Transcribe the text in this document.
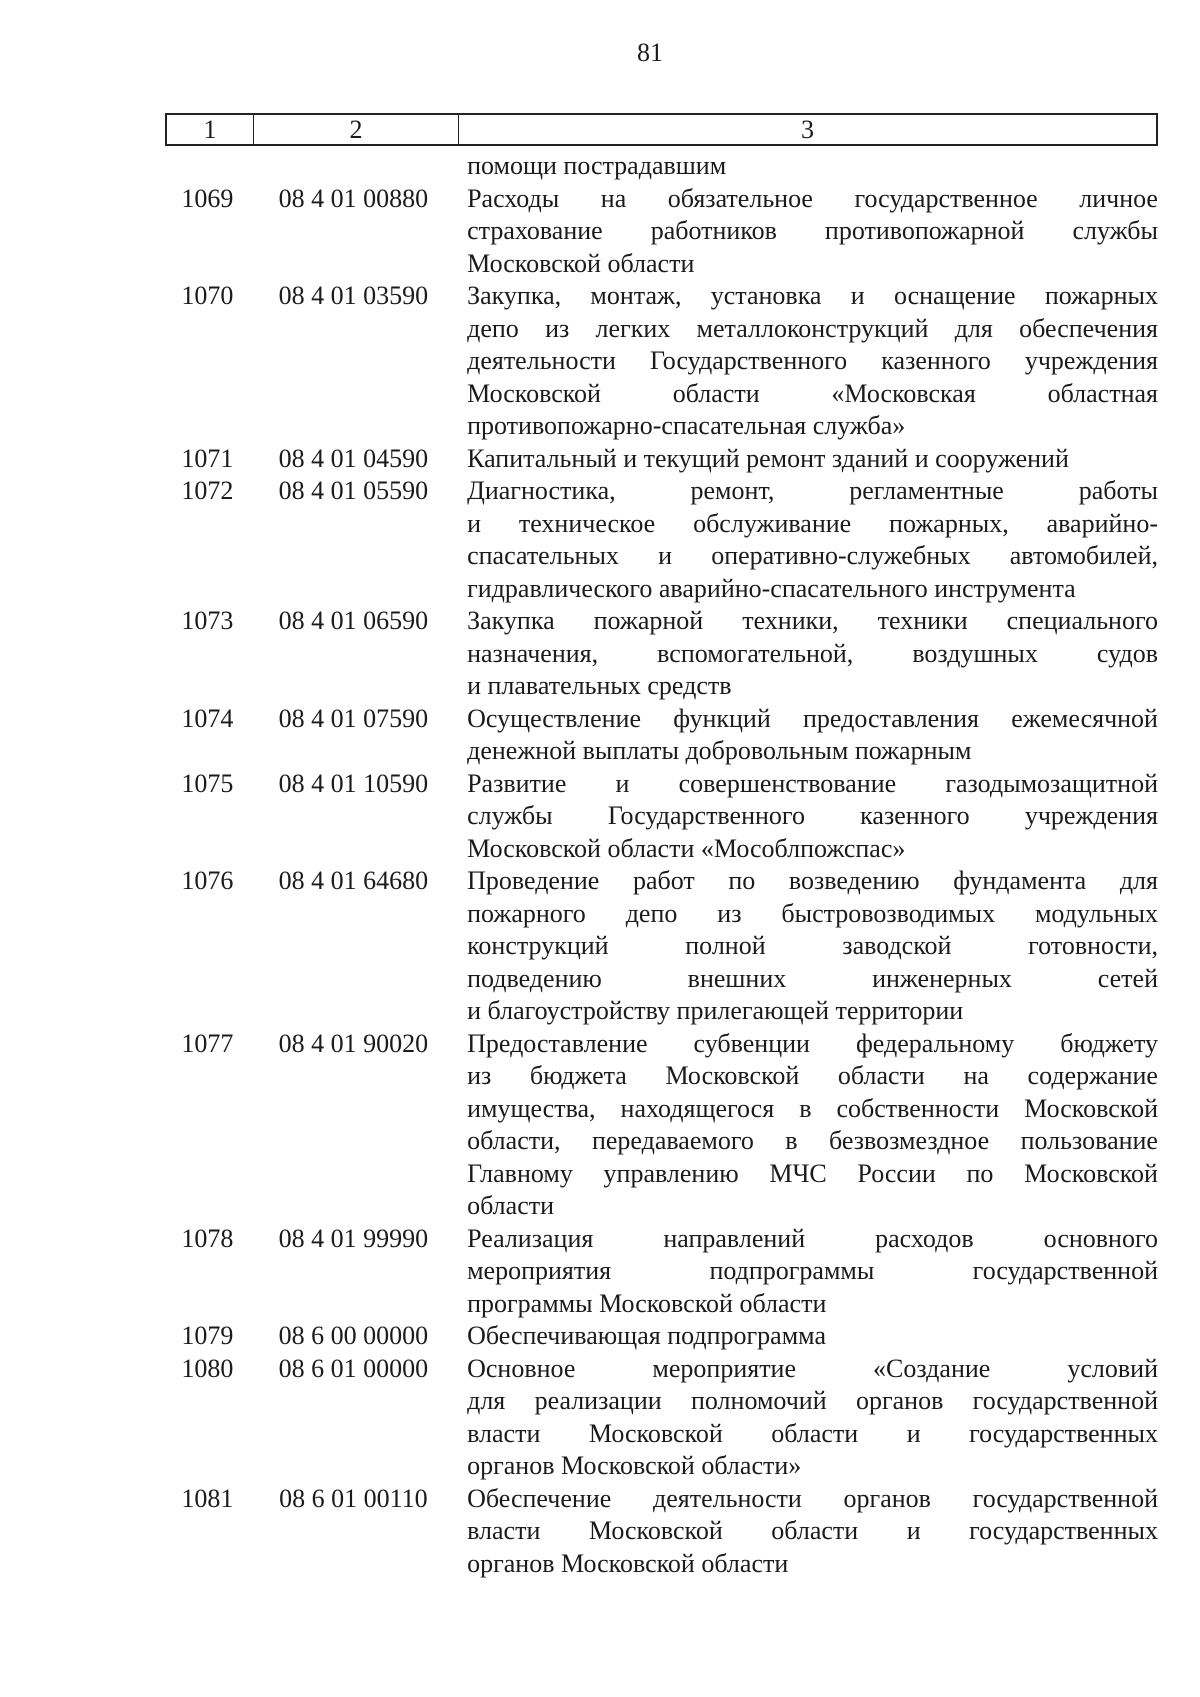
81
1	2	3
помощи пострадавшим
1069	08 4 01 00880	Расходы на обязательное государственное личное
страхование работников противопожарной службы
Московской области
1070	08 4 01 03590	Закупка, монтаж, установка и оснащение пожарных
депо из легких металлоконструкций для обеспечения
деятельности Государственного казенного учреждения
Московской области «Московская областная
противопожарно-спасательная служба»
1071	08 4 01 04590	Капитальный и текущий ремонт зданий и сооружений
1072	08 4 01 05590	Диагностика, ремонт, регламентные работы
и техническое обслуживание пожарных, аварийно-
спасательных и оперативно-служебных автомобилей,
гидравлического аварийно-спасательного инструмента
1073	08 4 01 06590	Закупка пожарной техники, техники специального
назначения, вспомогательной, воздушных судов
и плавательных средств
1074	08 4 01 07590	Осуществление функций предоставления ежемесячной
денежной выплаты добровольным пожарным
1075	08 4 01 10590	Развитие и совершенствование газодымозащитной
службы Государственного казенного учреждения
Московской области «Мособлпожспас»
1076	08 4 01 64680	Проведение работ по возведению фундамента для
пожарного депо из быстровозводимых модульных
конструкций полной заводской готовности,
подведению внешних инженерных сетей
и благоустройству прилегающей территории
1077	08 4 01 90020	Предоставление субвенции федеральному бюджету
из бюджета Московской области на содержание
имущества, находящегося в собственности Московской
области, передаваемого в безвозмездное пользование
Главному управлению МЧС России по Московской
области
1078	08 4 01 99990	Реализация направлений расходов основного
мероприятия подпрограммы государственной
программы Московской области
1079	08 6 00 00000	Обеспечивающая подпрограмма
1080	08 6 01 00000	Основное мероприятие «Создание условий
для реализации полномочий органов государственной
власти Московской области и государственных
органов Московской области»
1081	08 6 01 00110	Обеспечение деятельности органов государственной
власти Московской области и государственных
органов Московской области
